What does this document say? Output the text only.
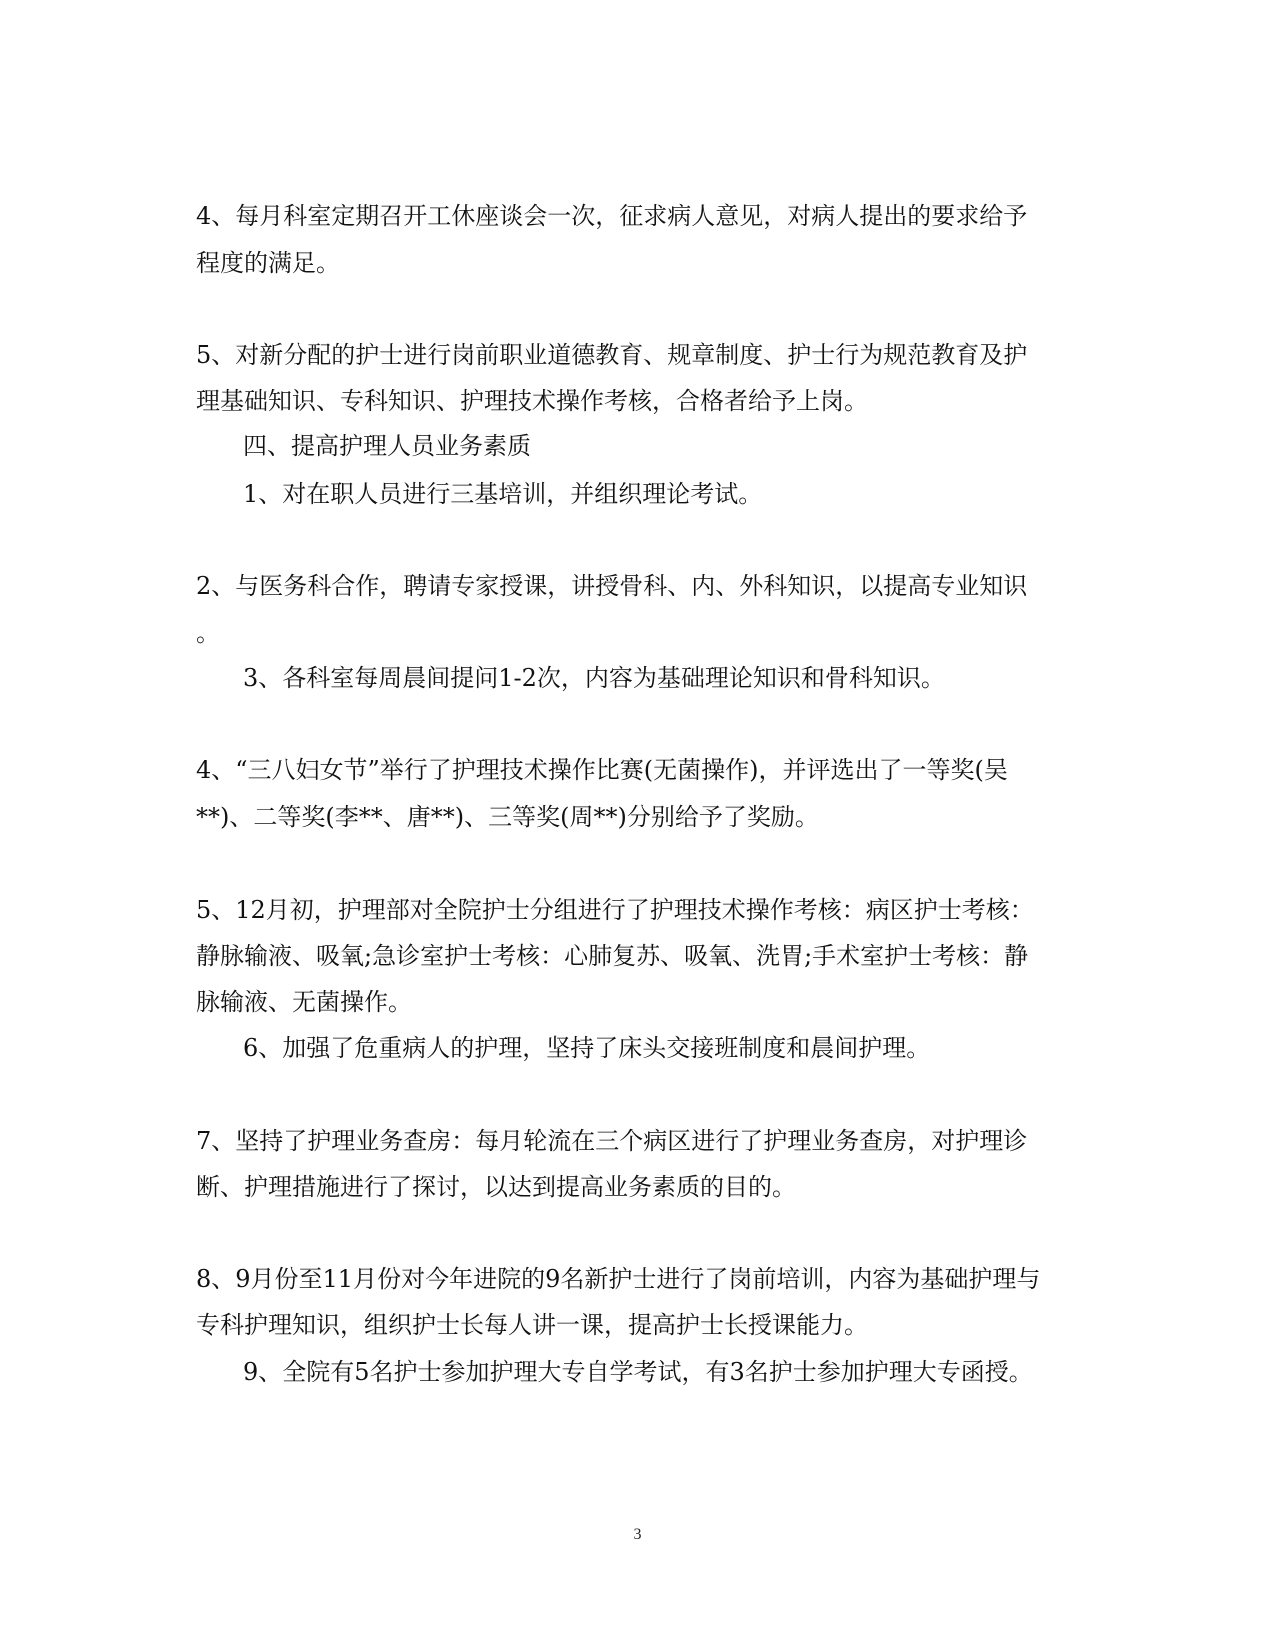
4、每月科室定期召开工休座谈会一次，征求病人意见，对病人提出的要求给予
程度的满足。
5、对新分配的护士进行岗前职业道德教育、规章制度、护士行为规范教育及护
理基础知识、专科知识、护理技术操作考核，合格者给予上岗。
四、提高护理人员业务素质
1、对在职人员进行三基培训，并组织理论考试。
2、与医务科合作，聘请专家授课，讲授骨科、内、外科知识，以提高专业知识
。
3、各科室每周晨间提问1-2次，内容为基础理论知识和骨科知识。
4、“三八妇女节”举行了护理技术操作比赛(无菌操作)，并评选出了一等奖(吴
**)、二等奖(李**、唐**)、三等奖(周**)分别给予了奖励。
5、12月初，护理部对全院护士分组进行了护理技术操作考核：病区护士考核：
静脉输液、吸氧;急诊室护士考核：心肺复苏、吸氧、洗胃;手术室护士考核：静
脉输液、无菌操作。
6、加强了危重病人的护理，坚持了床头交接班制度和晨间护理。
7、坚持了护理业务查房：每月轮流在三个病区进行了护理业务查房，对护理诊
断、护理措施进行了探讨，以达到提高业务素质的目的。
8、9月份至11月份对今年进院的9名新护士进行了岗前培训，内容为基础护理与
专科护理知识，组织护士长每人讲一课，提高护士长授课能力。
9、全院有5名护士参加护理大专自学考试，有3名护士参加护理大专函授。
3
